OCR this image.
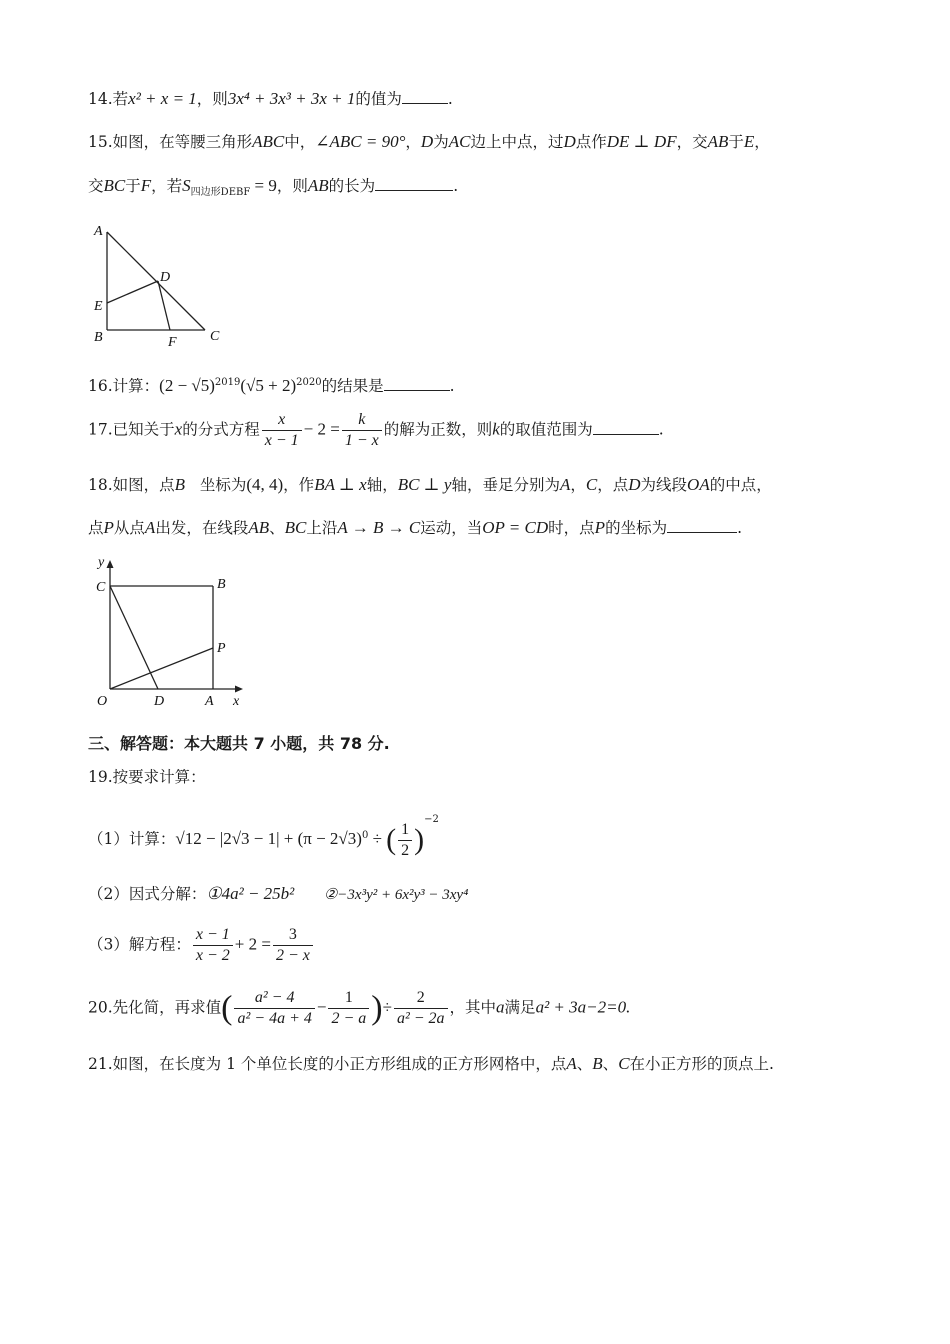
14.若x² + x = 1，则3x⁴ + 3x³ + 3x + 1的值为	.
15.如图，在等腰三角形ABC中，∠ABC = 90°，D为AC边上中点，过D点作DE ⊥ DF，交AB于E，
交BC于F，若$S_{四边形DEBF} = 9$，则AB的长为	.
A
D
E
B	F C
16.计算：$(2 - √5)^{2019}(√5 + 2)^{2020}$的结果是	.
17.已知关于x的分式方程 $\frac{x}{x - 1} - 2 = \frac{k}{1 - x}$ 的解为正数，则k的取值范围为	.
18.如图，点B 坐标为(4, 4)，作BA ⊥ x轴，BC ⊥ y轴，垂足分别为A，C，点D为线段OA的中点，
点P从点A出发，在线段AB、BC上沿A → B → C运动，当OP = CD时，点P的坐标为	.
y
C	B
P
O	D	A x
三、解答题：本大题共 7 小题，共 78 分.
19.按要求计算：
（1）计算：$√12 - |2√3 - 1| + (\pi - 2√3)^0$ ÷ ( $\frac{1}{2} )^{-2}$
（2）因式分解：①4a² − 25b² ②−3x³y² + 6x²y³ − 3xy⁴
（3）解方程： $\frac{x - 1}{x - 2} + 2 = \frac{3}{2 - x}$
20.先化简，再求值( $\frac{\text{a² − 4}}{\text{a² − 4a + 4}} - \frac{1}{2 - a}$ )÷ $\frac{2}{\text{a² − 2a}}$ ，其中a满足a² + 3a−2=0.
21.如图，在长度为 1 个单位长度的小正方形组成的正方形网格中，点A、B、C在小正方形的顶点上.
